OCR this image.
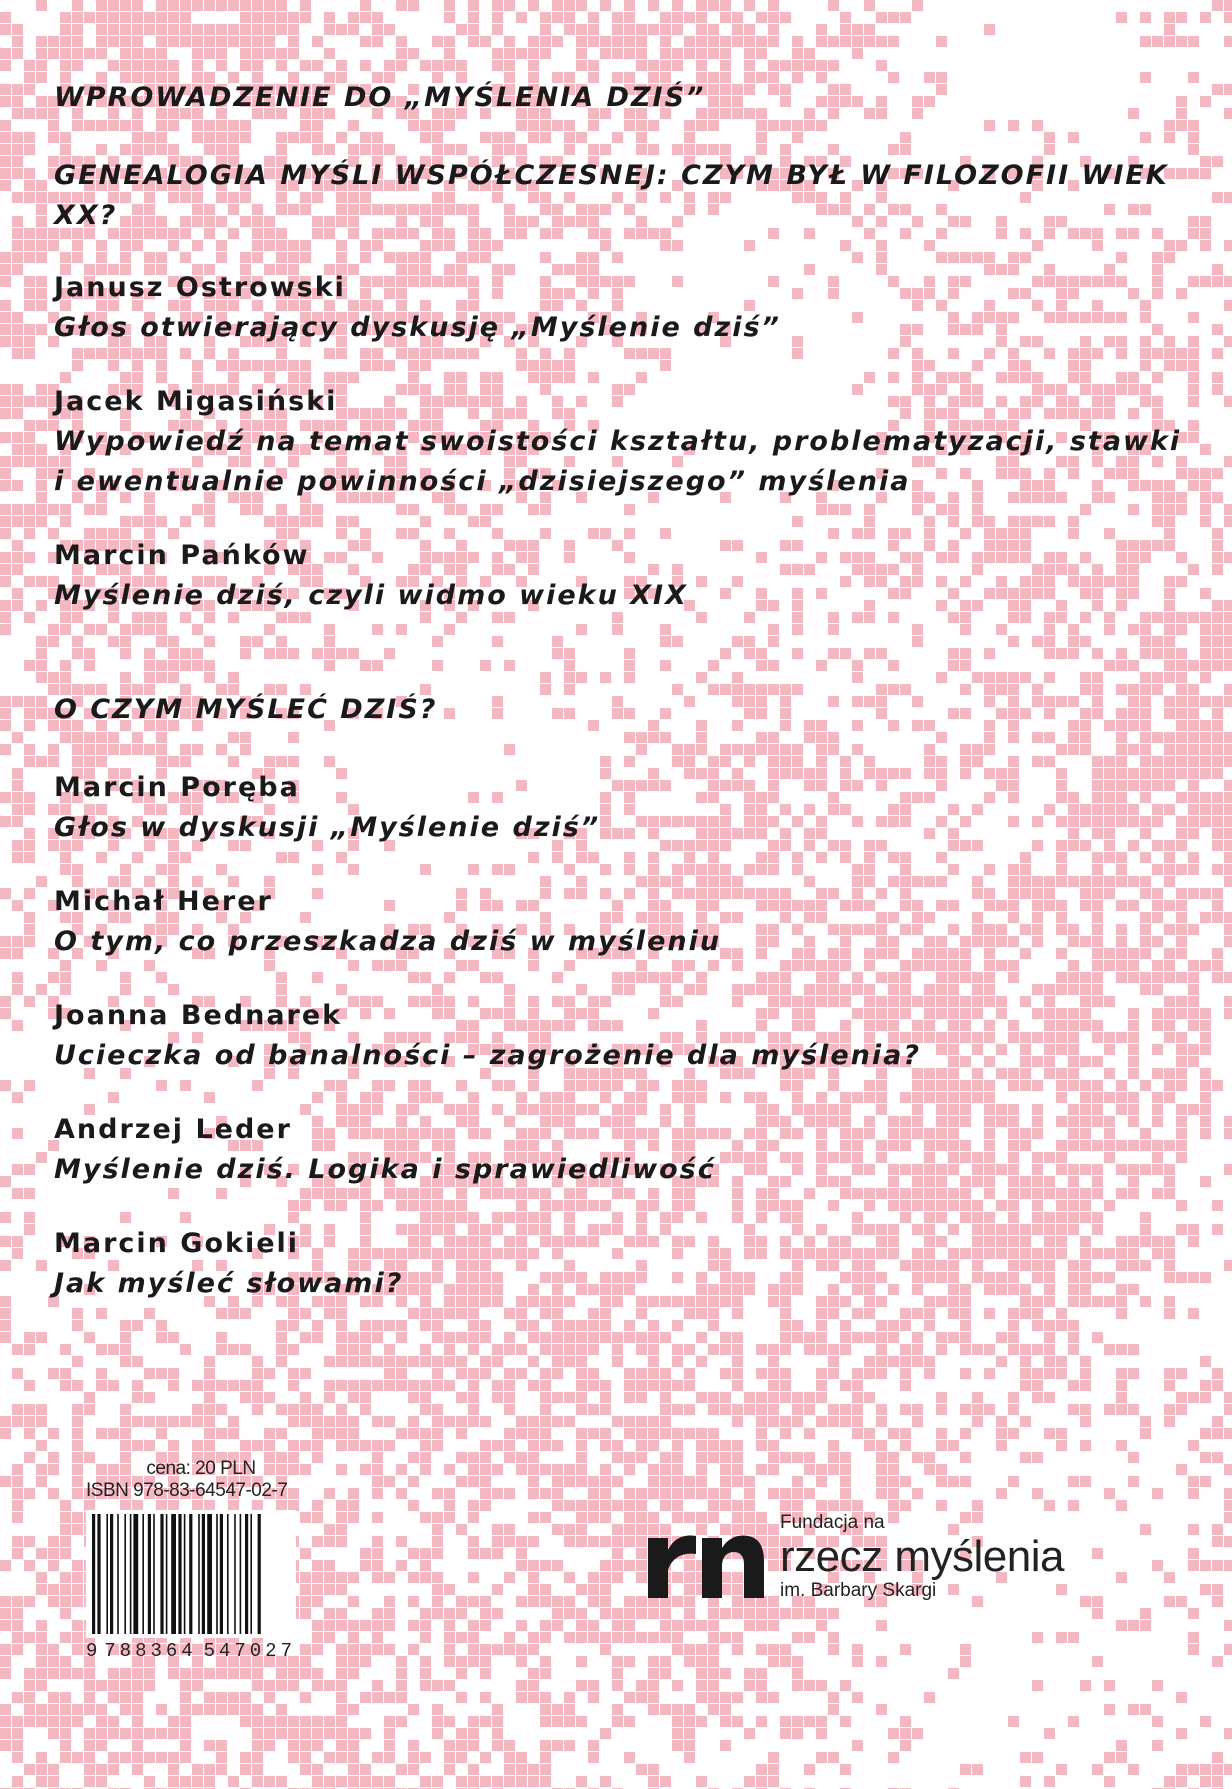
WPROWADZENIE DO „MYŚLENIA DZIŚ”

GENEALOGIA MYŚLI WSPÓŁCZESNEJ: CZYM BYŁ W FILOZOFII WIEK XX?

Janusz Ostrowski

Głos otwierający dyskusję „Myślenie dziś”

Jacek Migasiński

Wypowiedź na temat swoistości kształtu, problematyzacji, stawki

i ewentualnie powinności „dzisiejszego” myślenia

Marcin Pańków

Myślenie dziś, czyli widmo wieku XIX

O CZYM MYŚLEĆ DZIŚ?

Marcin Poręba

Głos w dyskusji „Myślenie dziś”

Michał Herer

O tym, co przeszkadza dziś w myśleniu

Joanna Bednarek

Ucieczka od banalności – zagrożenie dla myślenia?

Andrzej Leder

Myślenie dziś. Logika i sprawiedliwość

Marcin Gokieli

Jak myśleć słowami?

cena: 20 PLN
ISBN 978-83-64547-02-7
9 788364 547027
Fundacja na
rzecz myślenia
im. Barbary Skargi
